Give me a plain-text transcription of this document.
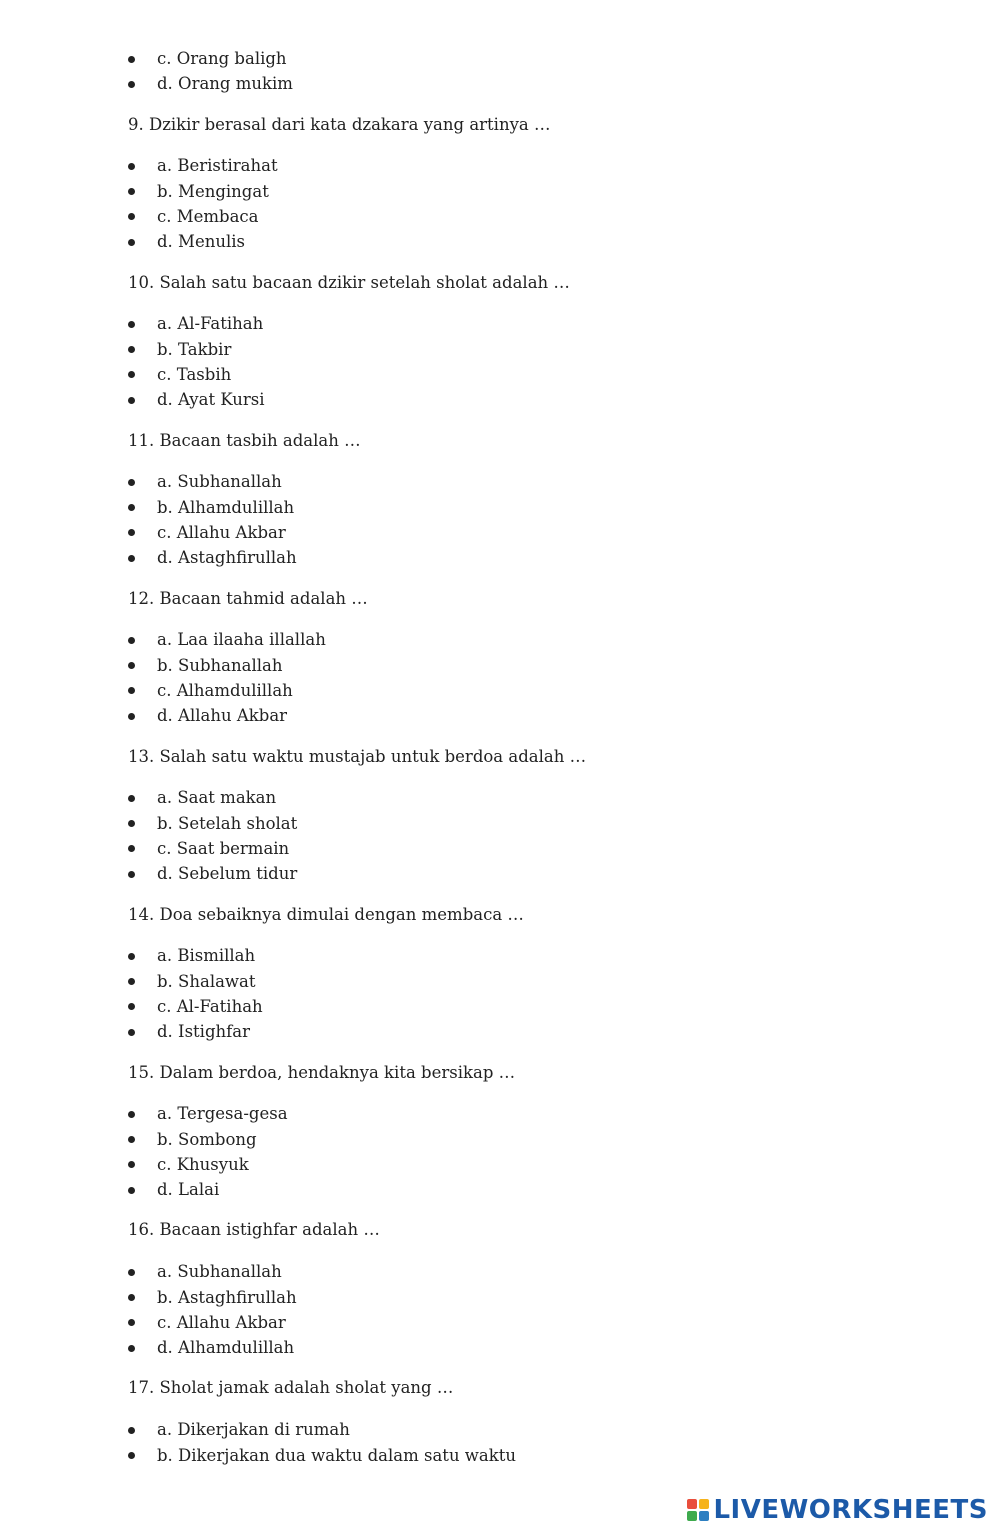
c. Orang baligh
d. Orang mukim
9. Dzikir berasal dari kata dzakara yang artinya …
a. Beristirahat
b. Mengingat
c. Membaca
d. Menulis
10. Salah satu bacaan dzikir setelah sholat adalah …
a. Al-Fatihah
b. Takbir
c. Tasbih
d. Ayat Kursi
11. Bacaan tasbih adalah …
a. Subhanallah
b. Alhamdulillah
c. Allahu Akbar
d. Astaghfirullah
12. Bacaan tahmid adalah …
a. Laa ilaaha illallah
b. Subhanallah
c. Alhamdulillah
d. Allahu Akbar
13. Salah satu waktu mustajab untuk berdoa adalah …
a. Saat makan
b. Setelah sholat
c. Saat bermain
d. Sebelum tidur
14. Doa sebaiknya dimulai dengan membaca …
a. Bismillah
b. Shalawat
c. Al-Fatihah
d. Istighfar
15. Dalam berdoa, hendaknya kita bersikap …
a. Tergesa-gesa
b. Sombong
c. Khusyuk
d. Lalai
16. Bacaan istighfar adalah …
a. Subhanallah
b. Astaghfirullah
c. Allahu Akbar
d. Alhamdulillah
17. Sholat jamak adalah sholat yang …
a. Dikerjakan di rumah
b. Dikerjakan dua waktu dalam satu waktu
LIVEWORKSHEETS
